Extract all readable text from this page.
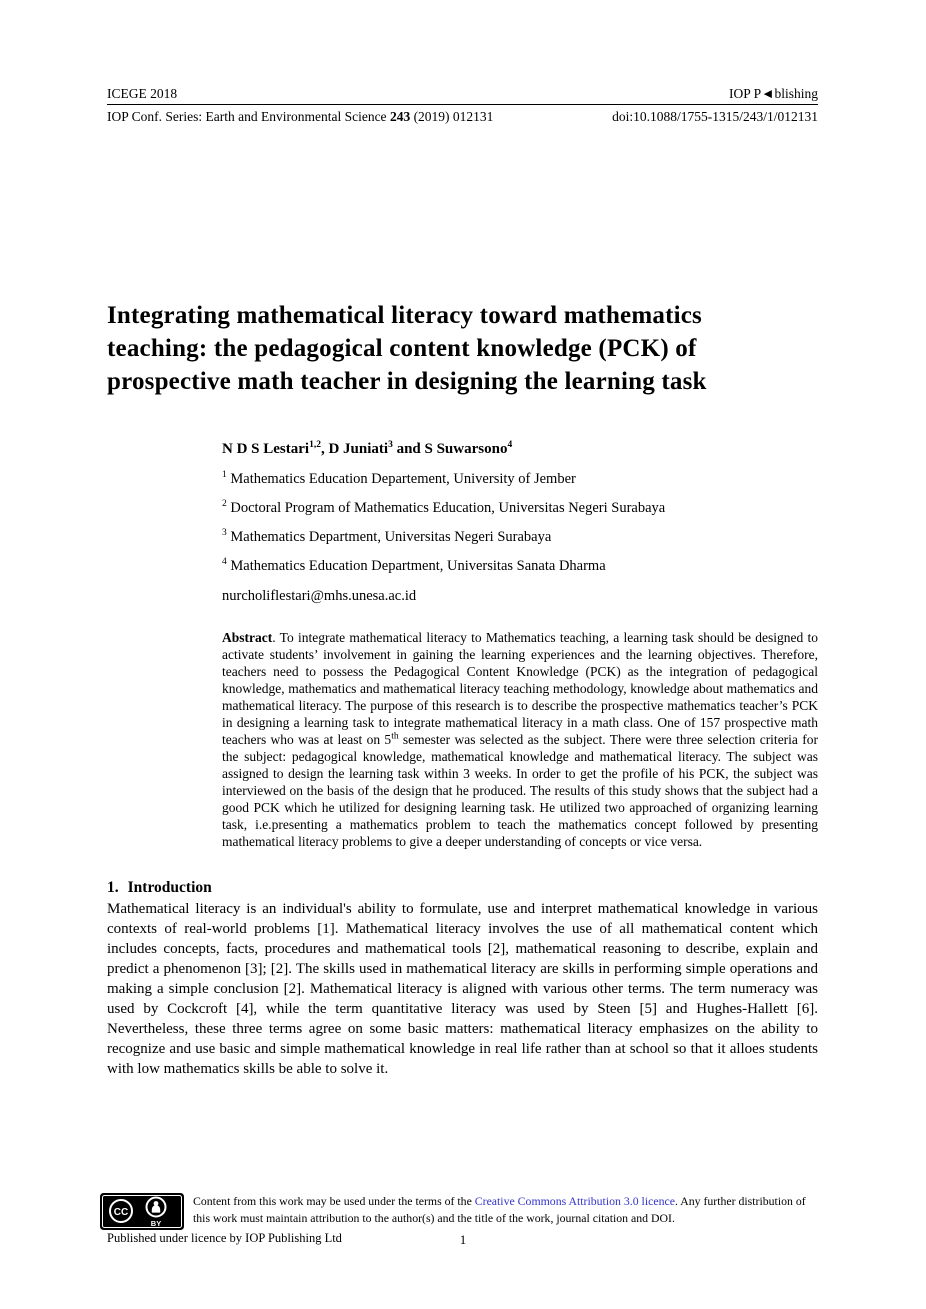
ICEGE 2018	IOP P◄blishing
IOP Conf. Series: Earth and Environmental Science 243 (2019) 012131	doi:10.1088/1755-1315/243/1/012131
Integrating mathematical literacy toward mathematics
teaching: the pedagogical content knowledge (PCK) of
prospective math teacher in designing the learning task
N D S Lestari$^{1,2}$, D Juniati$^3$ and S Suwarsono$^4$
$^1$ Mathematics Education Departement, University of Jember
$^2$ Doctoral Program of Mathematics Education, Universitas Negeri Surabaya
$^3$ Mathematics Department, Universitas Negeri Surabaya
$^4$ Mathematics Education Department, Universitas Sanata Dharma
nurcholiflestari@mhs.unesa.ac.id
Abstract. To integrate mathematical literacy to Mathematics teaching, a learning task should be designed to activate students’ involvement in gaining the learning experiences and the learning objectives. Therefore, teachers need to possess the Pedagogical Content Knowledge (PCK) as the integration of pedagogical knowledge, mathematics and mathematical literacy teaching methodology, knowledge about mathematics and mathematical literacy. The purpose of this research is to describe the prospective mathematics teacher’s PCK in designing a learning task to integrate mathematical literacy in a math class. One of 157 prospective math teachers who was at least on 5th semester was selected as the subject. There were three selection criteria for the subject: pedagogical knowledge, mathematical knowledge and mathematical literacy. The subject was assigned to design the learning task within 3 weeks. In order to get the profile of his PCK, the subject was interviewed on the basis of the design that he produced. The results of this study shows that the subject had a good PCK which he utilized for designing learning task. He utilized two approached of organizing learning task, i.e.presenting a mathematics problem to teach the mathematics concept followed by presenting mathematical literacy problems to give a deeper understanding of concepts or vice versa.
1. Introduction

Mathematical literacy is an individual's ability to formulate, use and interpret mathematical knowledge in various contexts of real-world problems [1]. Mathematical literacy involves the use of all mathematical content which includes concepts, facts, procedures and mathematical tools [2], mathematical reasoning to describe, explain and predict a phenomenon [3]; [2]. The skills used in mathematical literacy are skills in performing simple operations and making a simple conclusion [2]. Mathematical literacy is aligned with various other terms. The term numeracy was used by Cockcroft [4], while the term quantitative literacy was used by Steen [5] and Hughes-Hallett [6]. Nevertheless, these three terms agree on some basic matters: mathematical literacy emphasizes on the ability to recognize and use basic and simple mathematical knowledge in real life rather than at school so that it alloes students with low mathematics skills be able to solve it.

CC
BY
Content from this work may be used under the terms of the Creative Commons Attribution 3.0 licence. Any further distribution of this work must maintain attribution to the author(s) and the title of the work, journal citation and DOI.
Published under licence by IOP Publishing Ltd	1
